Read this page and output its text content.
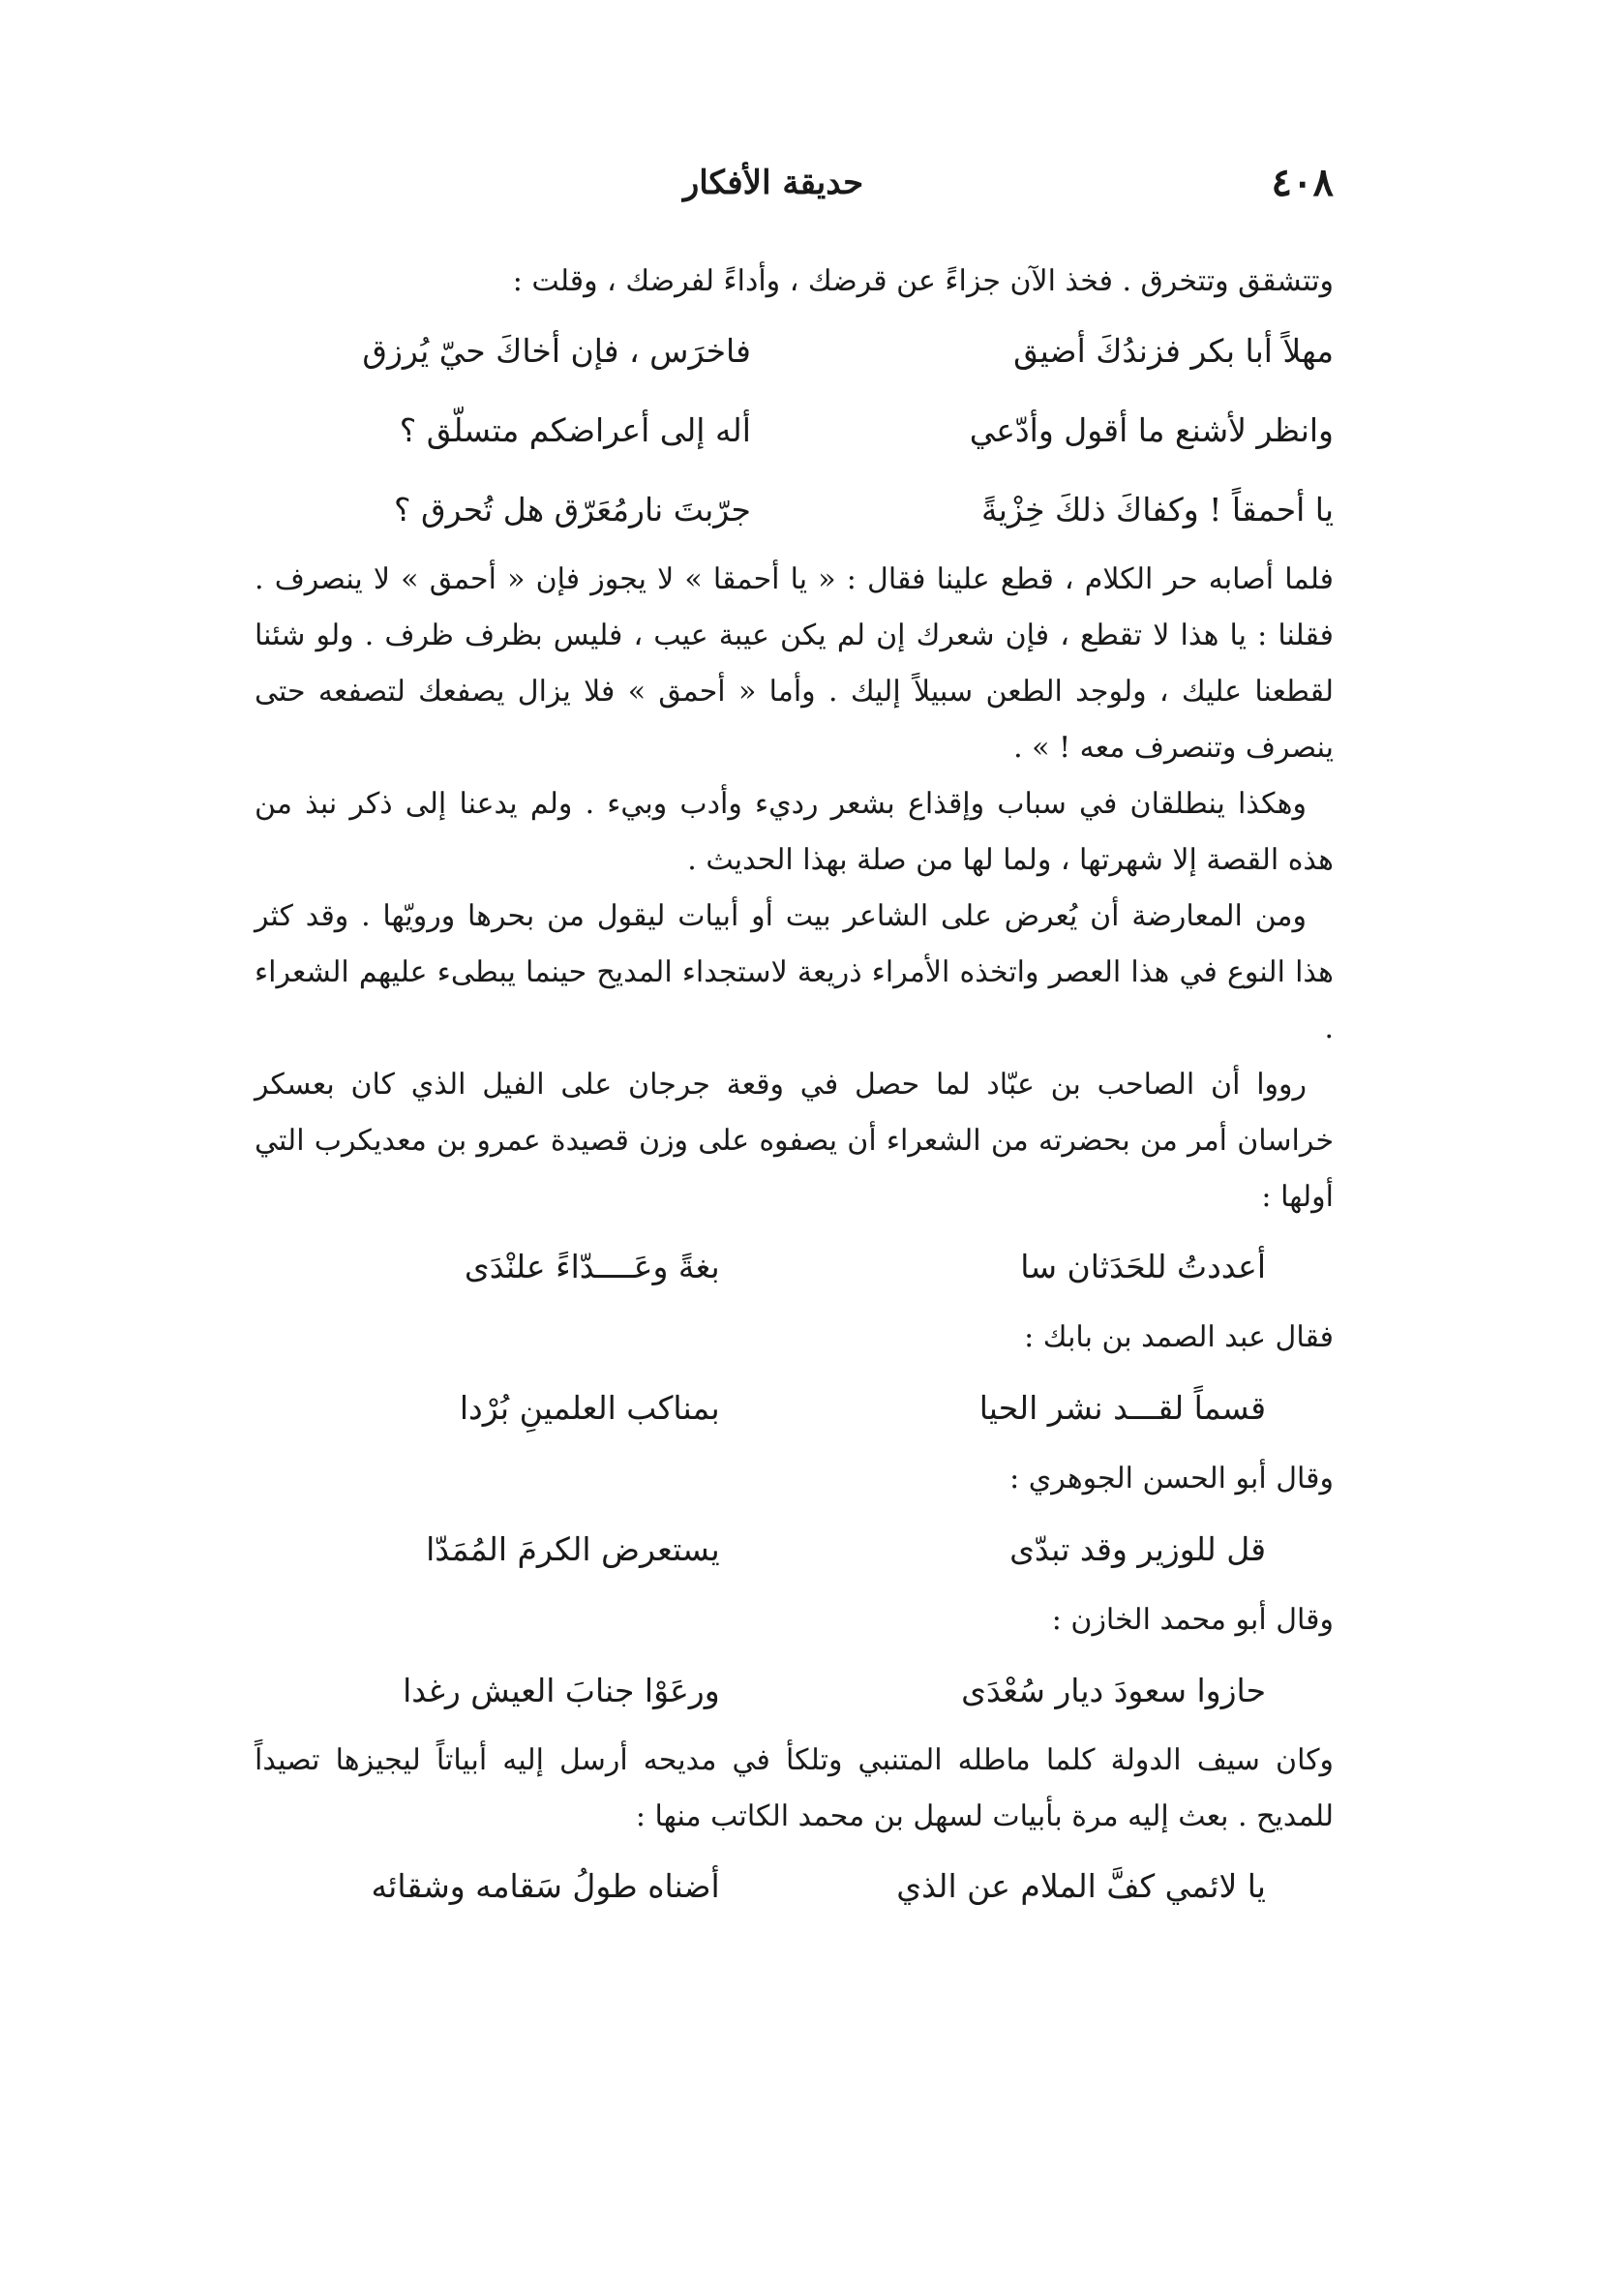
٤٠٨
حديقة الأفكار

وتتشقق وتتخرق . فخذ الآن جزاءً عن قرضك ، وأداءً لفرضك ، وقلت :

مهلاً أبا بكر فزندُكَ أضيق
فاخرَس ، فإن أخاكَ حيّ يُرزق
وانظر لأشنع ما أقول وأدّعي
أله إلى أعراضكم متسلّق ؟
يا أحمقاً ! وكفاكَ ذلكَ خِزْيةً
جرّبتَ نارمُعَرّق هل تُحرق ؟

فلما أصابه حر الكلام ، قطع علينا فقال : « يا أحمقا » لا يجوز فإن « أحمق » لا ينصرف . فقلنا : يا هذا لا تقطع ، فإن شعرك إن لم يكن عيبة عيب ، فليس بظرف ظرف . ولو شئنا لقطعنا عليك ، ولوجد الطعن سبيلاً إليك . وأما « أحمق » فلا يزال يصفعك لتصفعه حتى ينصرف وتنصرف معه ! » .

وهكذا ينطلقان في سباب وإقذاع بشعر رديء وأدب وبيء . ولم يدعنا إلى ذكر نبذ من هذه القصة إلا شهرتها ، ولما لها من صلة بهذا الحديث .

ومن المعارضة أن يُعرض على الشاعر بيت أو أبيات ليقول من بحرها ورويّها . وقد كثر هذا النوع في هذا العصر واتخذه الأمراء ذريعة لاستجداء المديح حينما يبطىء عليهم الشعراء .

رووا أن الصاحب بن عبّاد لما حصل في وقعة جرجان على الفيل الذي كان بعسكر خراسان أمر من بحضرته من الشعراء أن يصفوه على وزن قصيدة عمرو بن معديكرب التي أولها :

أعددتُ للحَدَثان سا
بغةً وعَــــدّاءً علنْدَى

فقال عبد الصمد بن بابك :

قسماً لقـــد نشر الحيا
بمناكب العلمينِ بُرْدا

وقال أبو الحسن الجوهري :

قل للوزير وقد تبدّى
يستعرض الكرمَ المُمَدّا

وقال أبو محمد الخازن :

حازوا سعودَ ديار سُعْدَى
ورعَوْا جنابَ العيش رغدا

وكان سيف الدولة كلما ماطله المتنبي وتلكأ في مديحه أرسل إليه أبياتاً ليجيزها تصيداً للمديح . بعث إليه مرة بأبيات لسهل بن محمد الكاتب منها :

يا لائمي كفَّ الملام عن الذي
أضناه طولُ سَقامه وشقائه
